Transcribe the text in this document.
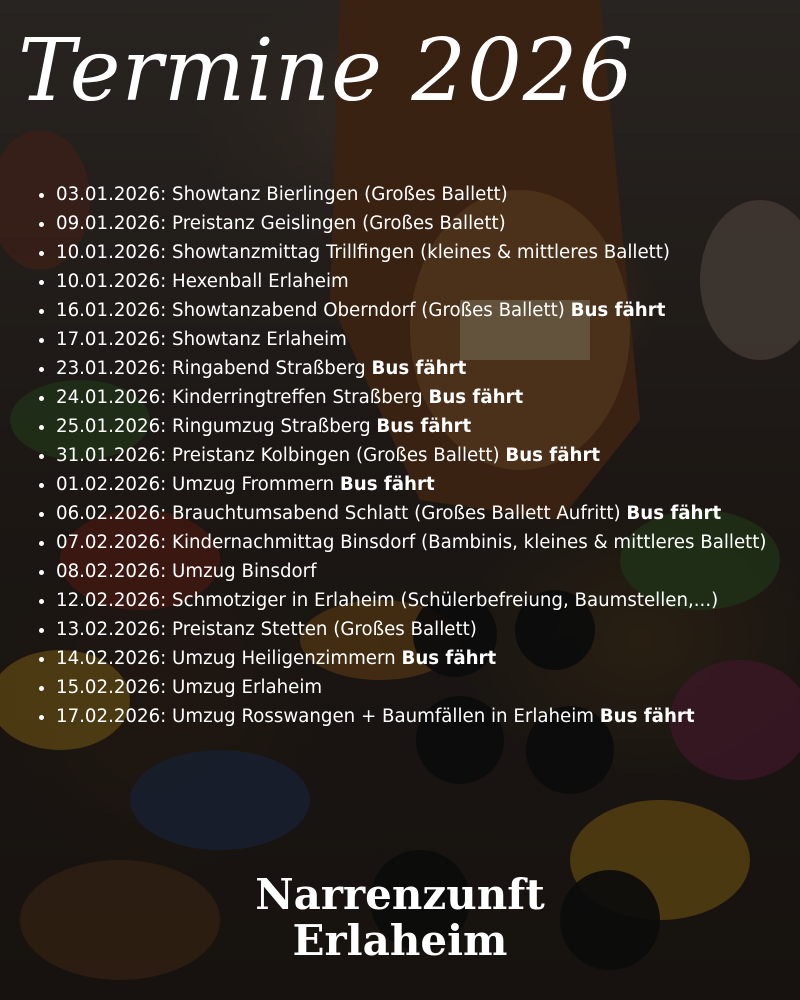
Termine 2026
• 03.01.2026: Showtanz Bierlingen (Großes Ballett)
• 09.01.2026: Preistanz Geislingen (Großes Ballett)
• 10.01.2026: Showtanzmittag Trillfingen (kleines & mittleres Ballett)
• 10.01.2026: Hexenball Erlaheim
• 16.01.2026: Showtanzabend Oberndorf (Großes Ballett) Bus fährt
• 17.01.2026: Showtanz Erlaheim
• 23.01.2026: Ringabend Straßberg Bus fährt
• 24.01.2026: Kinderringtreffen Straßberg Bus fährt
• 25.01.2026: Ringumzug Straßberg Bus fährt
• 31.01.2026: Preistanz Kolbingen (Großes Ballett) Bus fährt
• 01.02.2026: Umzug Frommern Bus fährt
• 06.02.2026: Brauchtumsabend Schlatt (Großes Ballett Aufritt) Bus fährt
• 07.02.2026: Kindernachmittag Binsdorf (Bambinis, kleines & mittleres Ballett)
• 08.02.2026: Umzug Binsdorf
• 12.02.2026: Schmotziger in Erlaheim (Schülerbefreiung, Baumstellen,...)
• 13.02.2026: Preistanz Stetten (Großes Ballett)
• 14.02.2026: Umzug Heiligenzimmern Bus fährt
• 15.02.2026: Umzug Erlaheim
• 17.02.2026: Umzug Rosswangen + Baumfällen in Erlaheim Bus fährt
Narrenzunft
Erlaheim
